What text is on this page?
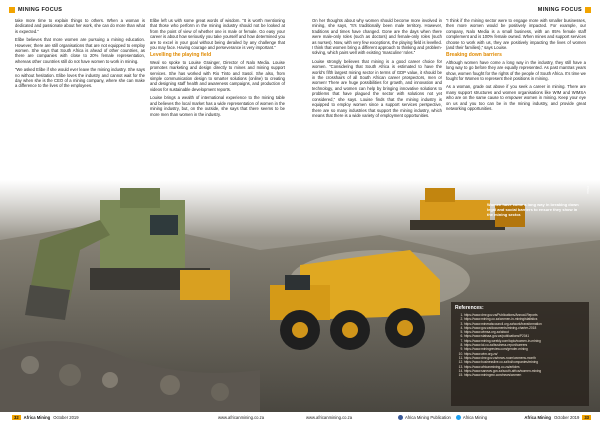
MINING FOCUS	MINING FOCUS

take more time to explain things to others. When a woman is dedicated and passionate about her work, she can do more than what is expected.”

Elibe believes that more women are pursuing a mining education. However, there are still organisations that are not equipped to employ women. She says that South Africa is ahead of other countries, as there are companies with close to 20% female representation, whereas other countries still do not have women to work in mining.

“We asked Elibe if she would ever leave the mining industry. She says no without hesitation. Elibe loves the industry and cannot wait for the day when she is the CEO of a mining company, where she can make a difference to the lives of the employees.

Elibe left us with some great words of wisdom. “It is worth mentioning that those who perform in the mining industry should not be looked at from the point of view of whether one is male or female. Go easy your career is about how seriously you take yourself and how determined you are to excel in your goal without being derailed by any challenge that you may face. Having courage and perseverance is very important.”

Levelling the playing field

Weal so spoke to Louise Grainger, Director of Nalo Media. Louise promotes marketing and design directly to mines and mining support services. She has worked with Rio Tinto and Sasol. She also, from simple communication design to smarter solutions (online) to creating and designing staff health and awareness campaigns, and production of videos for sustainable development reports.

Louise brings a wealth of international experience to the mining table and believes the local market has a wide representation of women in the mining industry, but, on the outside, she says that there seems to be more men than women in the industry.

On her thoughts about why women should become more involved in mining, she says, “It’s traditionally been male territory. However, traditions and times have changed. Gone are the days when there were male-only roles (such as doctors) and female-only roles (such as nurses). Now, with very few exceptions, the playing field is levelled. I think that women bring a different approach to thinking and problem-solving, which pairs well with existing ‘masculine’ roles.”

Louise strongly believes that mining is a good career choice for women. “Considering that South Africa is estimated to have the world’s fifth largest mining sector in terms of GDP value, it should be in the crosshairs of all South African career prospectors, men or women! There are huge possibilities for growth, and innovation and technology, and women can help by bringing innovative solutions to problems that have plagued the sector with solutions not yet considered,” she says. Louise finds that the mining industry is equipped to employ women since a support services perspective, there are so many industries that support the mining industry, which means that there is a wide variety of employment opportunities.

“I think if the mining sector were to engage more with smaller businesses, then more women would be positively impacted. For example, our company, Nalo Media is a small business, with an 85% female staff complement and is 100% female owned. When mines and support services choose to work with us, they are positively impacting the lives of women (and their families),” says Louise.

Breaking down barriers

Although women have come a long way in the industry, they still have a long way to go before they are equally represented. As past mantras years show, women fought for the rights of the people of South Africa. It’s time we fought for Women to represent their positions in mining.

As a woman, grade out above if you seek a career in mining. There are many support structures and women organisations like WIM and WIMSA who are on the same cause to empower women in mining. Keep your eye on us and you too can be in the mining industry, and provide great networking opportunities.

Women have come a long way in breaking down legal and social barriers to ensure they show in the mining sector.
Photo
References:
1. https://www.dmr.gov.za/Publications/Annual-Reports
2. https://www.mining.co.za/women-in-mining/statistics
3. https://www.mineralscouncil.org.za/work/transformation
4. https://www.gov.za/documents/mining-charter-2018
5. https://www.wimsa.org.za/about
6. https://www.statssa.gov.za/publications/P2041
7. https://www.mining-weekly.com/topic/women-in-mining
8. https://www.iol.co.za/business-report/careers
9. https://www.miningreview.com/gender-mining
10. https://www.wim.org.za/
11. https://www.dmr.gov.za/news-room/womens-month
12. https://www.businesslive.co.za/bd/companies/mining
13. https://www.africanmining.co.za/articles
14. https://www.sanews.gov.za/south-africa/women-mining
15. https://www.miningmx.com/news/women
32	Africa Mining October 2019	www.africanmining.co.za	www.africanmining.co.za	Africa Mining Publication	Africa Mining	Africa Mining October 2019	33
